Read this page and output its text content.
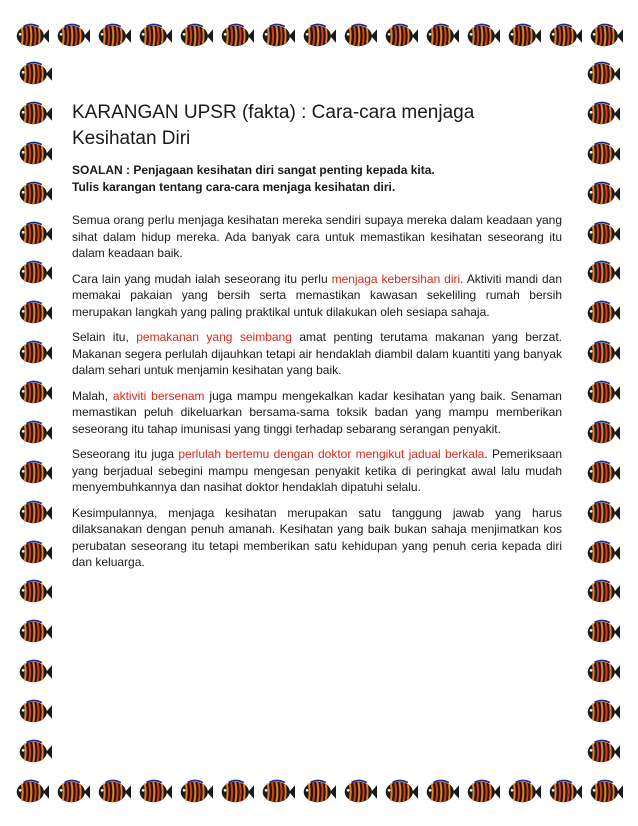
KARANGAN UPSR (fakta) : Cara-cara menjaga Kesihatan Diri
SOALAN : Penjagaan kesihatan diri sangat penting kepada kita.
Tulis karangan tentang cara-cara menjaga kesihatan diri.

Semua orang perlu menjaga kesihatan mereka sendiri supaya mereka dalam keadaan yang sihat dalam hidup mereka. Ada banyak cara untuk memastikan kesihatan seseorang itu dalam keadaan baik.

Cara lain yang mudah ialah seseorang itu perlu menjaga kebersihan diri. Aktiviti mandi dan memakai pakaian yang bersih serta memastikan kawasan sekeliling rumah bersih merupakan langkah yang paling praktikal untuk dilakukan oleh sesiapa sahaja.

Selain itu, pemakanan yang seimbang amat penting terutama makanan yang berzat. Makanan segera perlulah dijauhkan tetapi air hendaklah diambil dalam kuantiti yang banyak dalam sehari untuk menjamin kesihatan yang baik.

Malah, aktiviti bersenam juga mampu mengekalkan kadar kesihatan yang baik. Senaman memastikan peluh dikeluarkan bersama-sama toksik badan yang mampu memberikan seseorang itu tahap imunisasi yang tinggi terhadap sebarang serangan penyakit.

Seseorang itu juga perlulah bertemu dengan doktor mengikut jadual berkala. Pemeriksaan yang berjadual sebegini mampu mengesan penyakit ketika di peringkat awal lalu mudah menyembuhkannya dan nasihat doktor hendaklah dipatuhi selalu.

Kesimpulannya, menjaga kesihatan merupakan satu tanggung jawab yang harus dilaksanakan dengan penuh amanah. Kesihatan yang baik bukan sahaja menjimatkan kos perubatan seseorang itu tetapi memberikan satu kehidupan yang penuh ceria kepada diri dan keluarga.
